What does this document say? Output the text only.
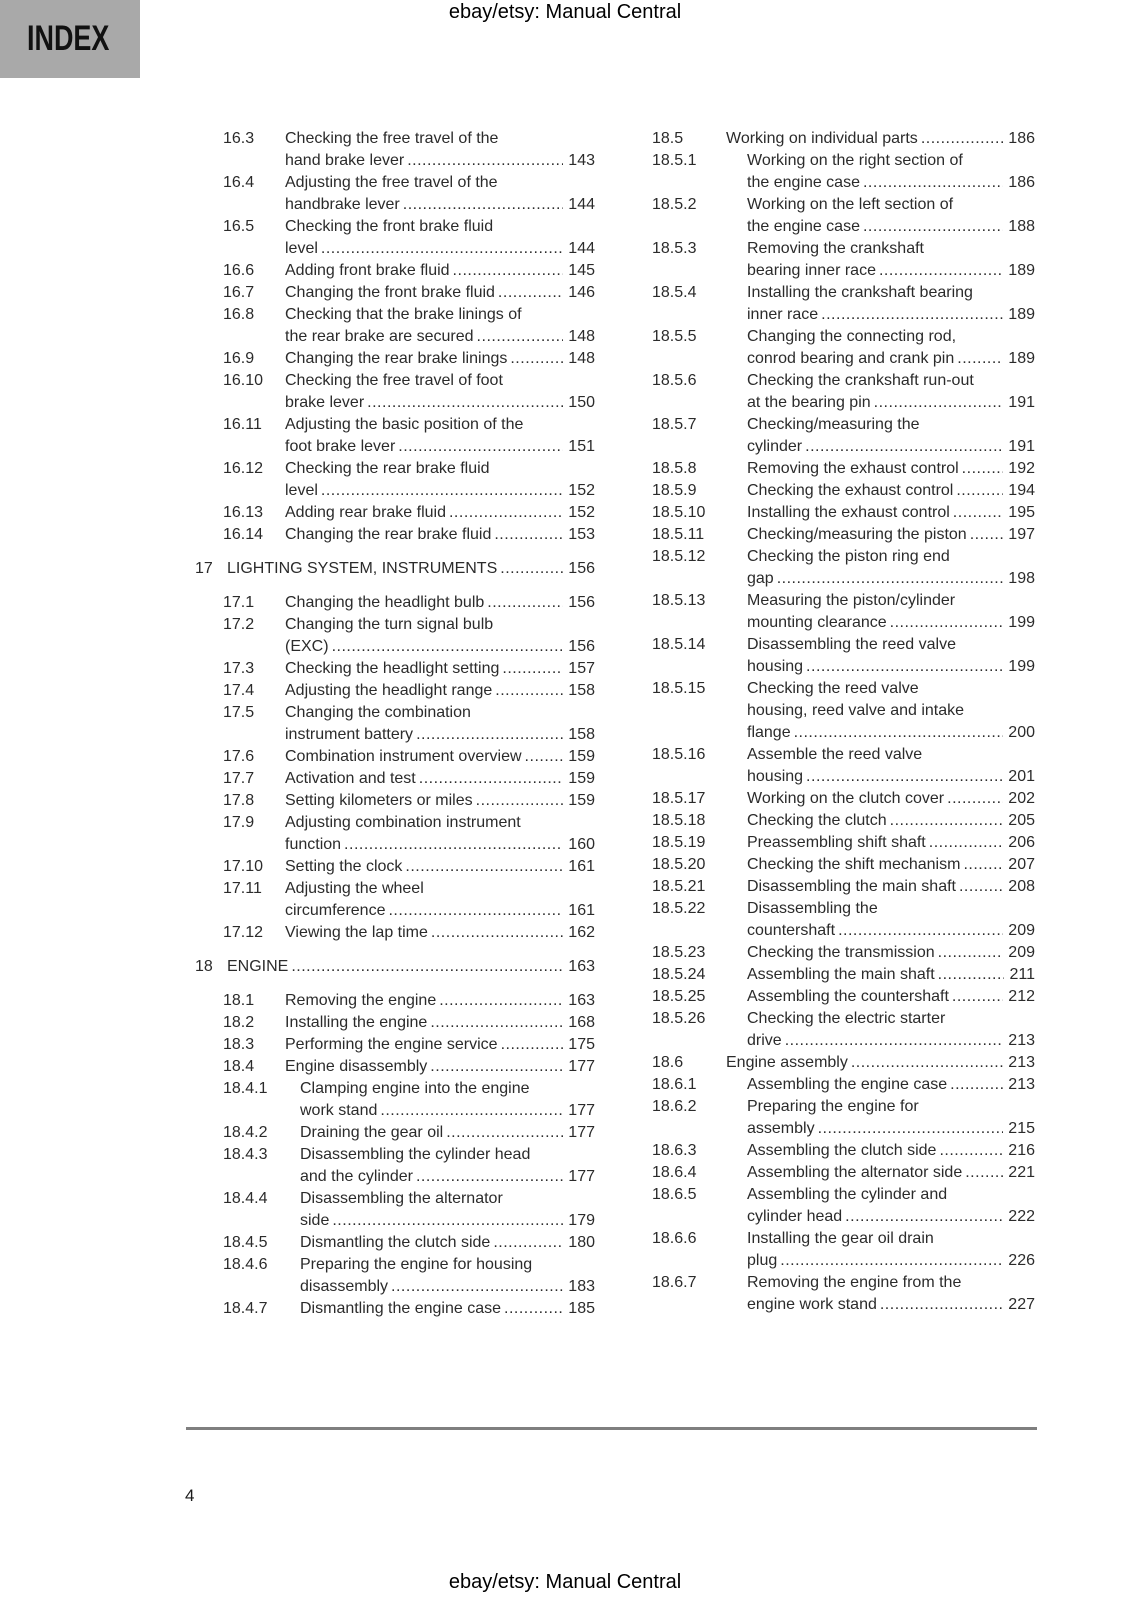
INDEX
ebay/etsy: Manual Central
16.3	Checking the free travel of the
hand brake lever .....	143
16.4	Adjusting the free travel of the
handbrake lever .....	144
16.5	Checking the front brake fluid
level .....	144
16.6	Adding front brake fluid .....	145
16.7	Changing the front brake fluid .....	146
16.8	Checking that the brake linings of
the rear brake are secured .....	148
16.9	Changing the rear brake linings .....	148
16.10	Checking the free travel of foot
brake lever .....	150
16.11	Adjusting the basic position of the
foot brake lever .....	151
16.12	Checking the rear brake fluid
level .....	152
16.13	Adding rear brake fluid .....	152
16.14	Changing the rear brake fluid .....	153
17 LIGHTING SYSTEM, INSTRUMENTS .....	156
17.1	Changing the headlight bulb .....	156
17.2	Changing the turn signal bulb
(EXC) .....	156
17.3	Checking the headlight setting .....	157
17.4	Adjusting the headlight range .....	158
17.5	Changing the combination
instrument battery .....	158
17.6	Combination instrument overview .....	159
17.7	Activation and test .....	159
17.8	Setting kilometers or miles .....	159
17.9	Adjusting combination instrument
function .....	160
17.10	Setting the clock .....	161
17.11	Adjusting the wheel
circumference .....	161
17.12	Viewing the lap time .....	162
18 ENGINE .....	163
18.1	Removing the engine .....	163
18.2	Installing the engine .....	168
18.3	Performing the engine service .....	175
18.4	Engine disassembly .....	177
18.4.1	Clamping engine into the engine
work stand .....	177
18.4.2	Draining the gear oil .....	177
18.4.3	Disassembling the cylinder head
and the cylinder .....	177
18.4.4	Disassembling the alternator
side .....	179
18.4.5	Dismantling the clutch side .....	180
18.4.6	Preparing the engine for housing
disassembly .....	183
18.4.7	Dismantling the engine case .....	185
18.5	Working on individual parts .....	186
18.5.1	Working on the right section of
the engine case .....	186
18.5.2	Working on the left section of
the engine case .....	188
18.5.3	Removing the crankshaft
bearing inner race .....	189
18.5.4	Installing the crankshaft bearing
inner race .....	189
18.5.5	Changing the connecting rod,
conrod bearing and crank pin .....	189
18.5.6	Checking the crankshaft run-out
at the bearing pin .....	191
18.5.7	Checking/measuring the
cylinder .....	191
18.5.8	Removing the exhaust control .....	192
18.5.9	Checking the exhaust control .....	194
18.5.10	Installing the exhaust control .....	195
18.5.11	Checking/measuring the piston .....	197
18.5.12	Checking the piston ring end
gap .....	198
18.5.13	Measuring the piston/cylinder
mounting clearance .....	199
18.5.14	Disassembling the reed valve
housing .....	199
18.5.15	Checking the reed valve
housing, reed valve and intake
flange .....	200
18.5.16	Assemble the reed valve
housing .....	201
18.5.17	Working on the clutch cover .....	202
18.5.18	Checking the clutch .....	205
18.5.19	Preassembling shift shaft .....	206
18.5.20	Checking the shift mechanism .....	207
18.5.21	Disassembling the main shaft .....	208
18.5.22	Disassembling the
countershaft .....	209
18.5.23	Checking the transmission .....	209
18.5.24	Assembling the main shaft .....	211
18.5.25	Assembling the countershaft .....	212
18.5.26	Checking the electric starter
drive .....	213
18.6	Engine assembly .....	213
18.6.1	Assembling the engine case .....	213
18.6.2	Preparing the engine for
assembly .....	215
18.6.3	Assembling the clutch side .....	216
18.6.4	Assembling the alternator side .....	221
18.6.5	Assembling the cylinder and
cylinder head .....	222
18.6.6	Installing the gear oil drain
plug .....	226
18.6.7	Removing the engine from the
engine work stand .....	227
4
ebay/etsy: Manual Central
